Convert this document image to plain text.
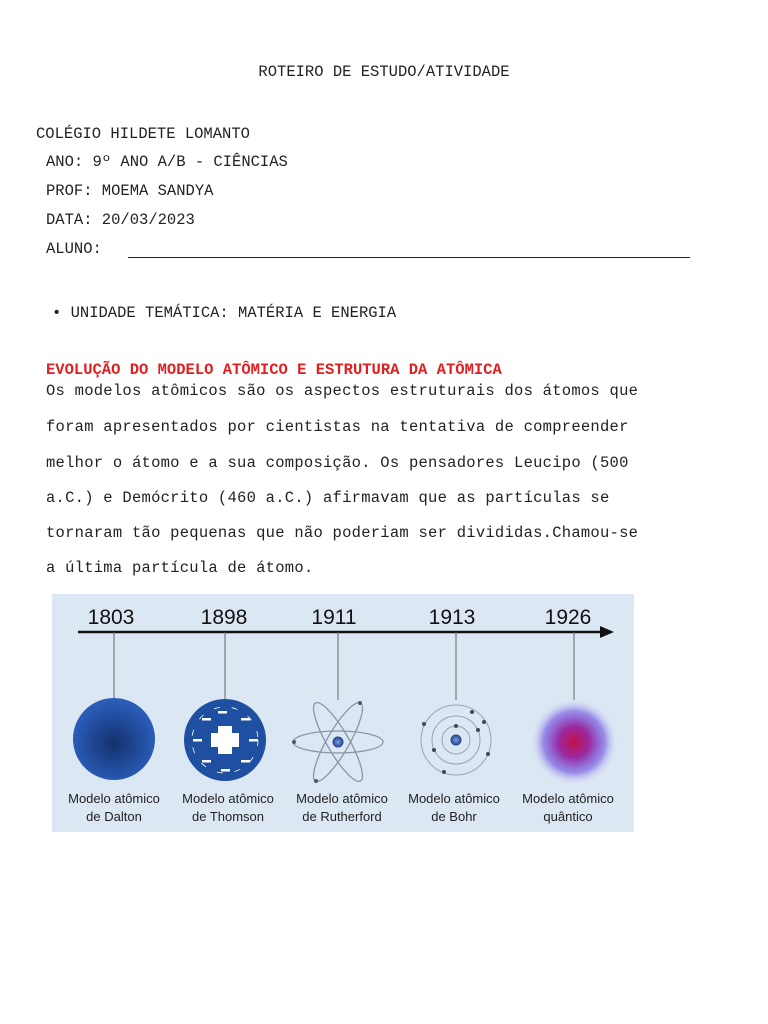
ROTEIRO DE ESTUDO/ATIVIDADE
COLÉGIO HILDETE LOMANTO
ANO: 9º ANO A/B - CIÊNCIAS
PROF: MOEMA SANDYA
DATA: 20/03/2023
ALUNO:
• UNIDADE TEMÁTICA: MATÉRIA E ENERGIA
EVOLUÇÃO DO MODELO ATÔMICO E ESTRUTURA DA ATÔMICA
Os modelos atômicos são os aspectos estruturais dos átomos que
foram apresentados por cientistas na tentativa de compreender
melhor o átomo e a sua composição. Os pensadores Leucipo (500
a.C.) e Demócrito (460 a.C.) afirmavam que as partículas se
tornaram tão pequenas que não poderiam ser divididas.Chamou-se
a última partícula de átomo.
1803	1898	1911	1913	1926
Modelo atômico
de Dalton
Modelo atômico
de Thomson
Modelo atômico
de Rutherford
Modelo atômico
de Bohr
Modelo atômico
quântico
